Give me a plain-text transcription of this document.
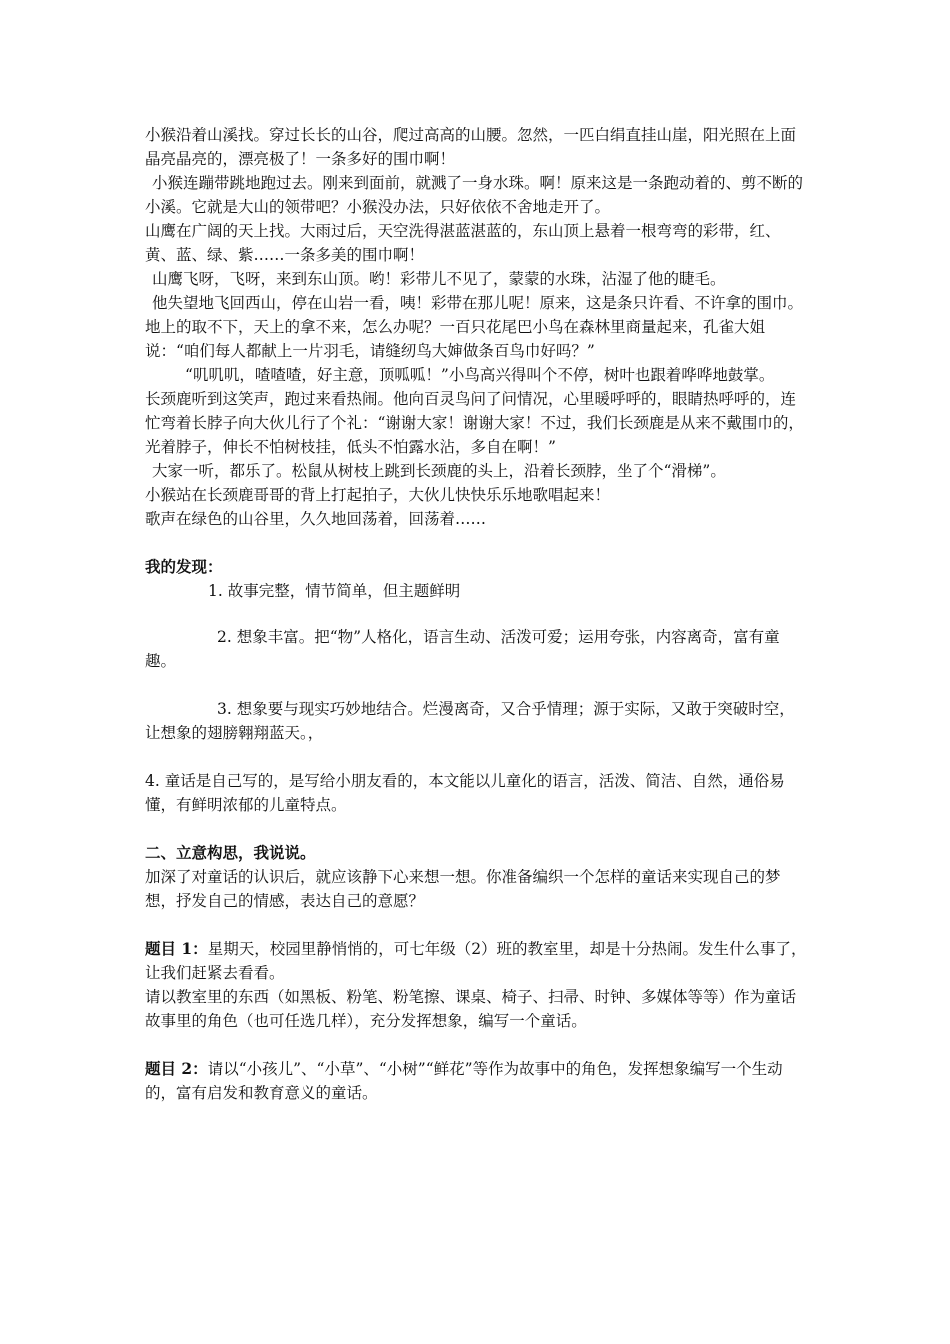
小猴沿着山溪找。穿过长长的山谷，爬过高高的山腰。忽然，一匹白绢直挂山崖，阳光照在上面晶亮晶亮的，漂亮极了！一条多好的围巾啊！

小猴连蹦带跳地跑过去。刚来到面前，就溅了一身水珠。啊！原来这是一条跑动着的、剪不断的小溪。它就是大山的领带吧？小猴没办法，只好依依不舍地走开了。

山鹰在广阔的天上找。大雨过后，天空洗得湛蓝湛蓝的，东山顶上悬着一根弯弯的彩带，红、黄、蓝、绿、紫……一条多美的围巾啊！

山鹰飞呀，飞呀，来到东山顶。哟！彩带儿不见了，蒙蒙的水珠，沾湿了他的睫毛。

他失望地飞回西山，停在山岩一看，咦！彩带在那儿呢！原来，这是条只许看、不许拿的围巾。

地上的取不下，天上的拿不来，怎么办呢？一百只花尾巴小鸟在森林里商量起来，孔雀大姐说：“咱们每人都献上一片羽毛，请缝纫鸟大婶做条百鸟巾好吗？”

“叽叽叽，喳喳喳，好主意，顶呱呱！”小鸟高兴得叫个不停，树叶也跟着哗哗地鼓掌。

长颈鹿听到这笑声，跑过来看热闹。他向百灵鸟问了问情况，心里暖呼呼的，眼睛热呼呼的，连忙弯着长脖子向大伙儿行了个礼：“谢谢大家！谢谢大家！不过，我们长颈鹿是从来不戴围巾的，光着脖子，伸长不怕树枝挂，低头不怕露水沾，多自在啊！”

大家一听，都乐了。松鼠从树枝上跳到长颈鹿的头上，沿着长颈脖，坐了个“滑梯”。

小猴站在长颈鹿哥哥的背上打起拍子，大伙儿快快乐乐地歌唱起来！

歌声在绿色的山谷里，久久地回荡着，回荡着……

我的发现：

1. 故事完整，情节简单，但主题鲜明

2. 想象丰富。把“物”人格化，语言生动、活泼可爱；运用夸张，内容离奇，富有童趣。

3. 想象要与现实巧妙地结合。烂漫离奇，又合乎情理；源于实际，又敢于突破时空，让想象的翅膀翱翔蓝天。，

4. 童话是自己写的，是写给小朋友看的，本文能以儿童化的语言，活泼、简洁、自然，通俗易懂，有鲜明浓郁的儿童特点。

二、立意构思，我说说。

加深了对童话的认识后，就应该静下心来想一想。你准备编织一个怎样的童话来实现自己的梦想，抒发自己的情感，表达自己的意愿？

题目 1：星期天，校园里静悄悄的，可七年级（2）班的教室里，却是十分热闹。发生什么事了，让我们赶紧去看看。

请以教室里的东西（如黑板、粉笔、粉笔擦、课桌、椅子、扫帚、时钟、多媒体等等）作为童话故事里的角色（也可任选几样），充分发挥想象，编写一个童话。

题目 2：请以“小孩儿”、“小草”、“小树”“鲜花”等作为故事中的角色，发挥想象编写一个生动的，富有启发和教育意义的童话。
